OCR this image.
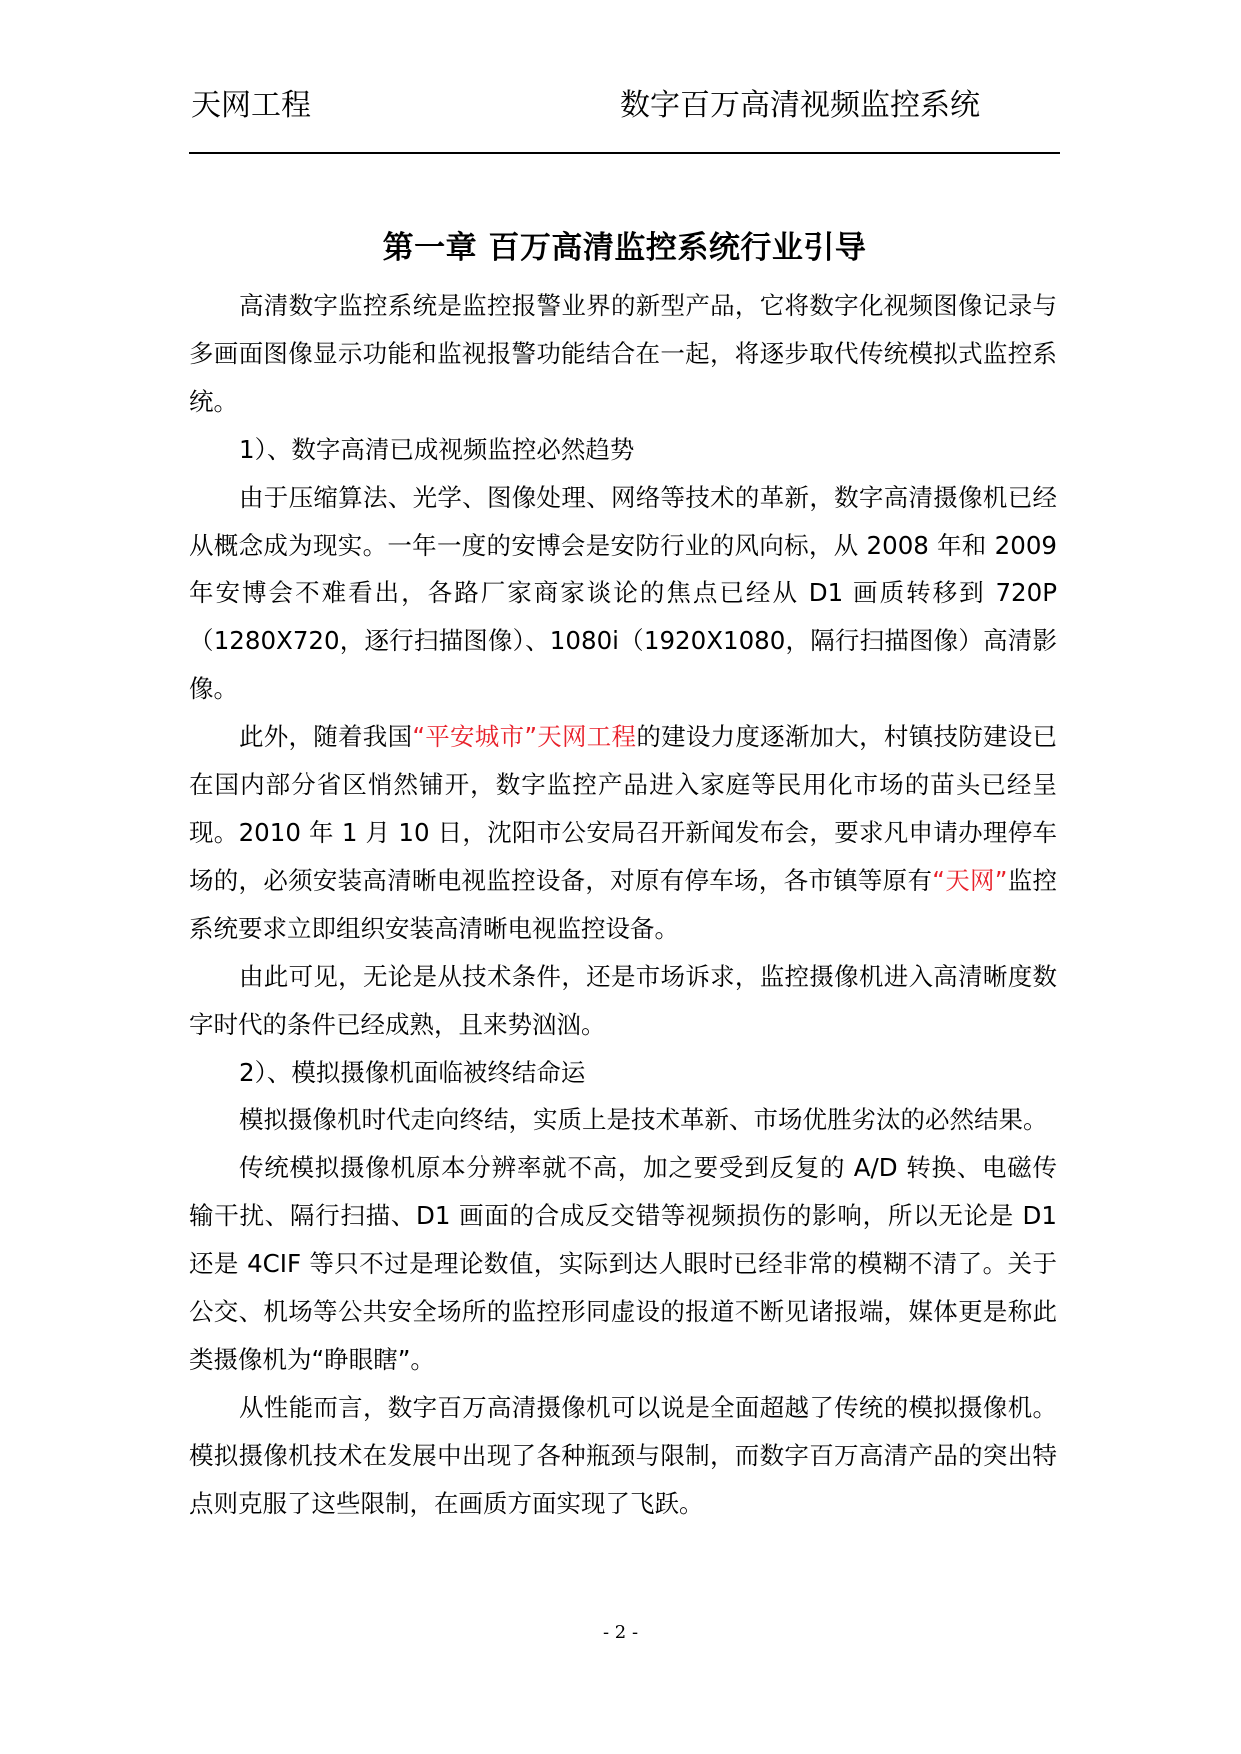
天网工程	数字百万高清视频监控系统
第一章 百万高清监控系统行业引导

高清数字监控系统是监控报警业界的新型产品，它将数字化视频图像记录与多画面图像显示功能和监视报警功能结合在一起，将逐步取代传统模拟式监控系统。

1）、数字高清已成视频监控必然趋势

由于压缩算法、光学、图像处理、网络等技术的革新，数字高清摄像机已经从概念成为现实。一年一度的安博会是安防行业的风向标，从 2008 年和 2009 年安博会不难看出，各路厂家商家谈论的焦点已经从 D1 画质转移到 720P（1280X720，逐行扫描图像）、1080i（1920X1080，隔行扫描图像）高清影像。

此外，随着我国“平安城市”天网工程的建设力度逐渐加大，村镇技防建设已在国内部分省区悄然铺开，数字监控产品进入家庭等民用化市场的苗头已经呈现。2010 年 1 月 10 日，沈阳市公安局召开新闻发布会，要求凡申请办理停车场的，必须安装高清晰电视监控设备，对原有停车场，各市镇等原有“天网”监控系统要求立即组织安装高清晰电视监控设备。

由此可见，无论是从技术条件，还是市场诉求，监控摄像机进入高清晰度数字时代的条件已经成熟，且来势汹汹。

2）、模拟摄像机面临被终结命运

模拟摄像机时代走向终结，实质上是技术革新、市场优胜劣汰的必然结果。

传统模拟摄像机原本分辨率就不高，加之要受到反复的 A/D 转换、电磁传输干扰、隔行扫描、D1 画面的合成反交错等视频损伤的影响，所以无论是 D1 还是 4CIF 等只不过是理论数值，实际到达人眼时已经非常的模糊不清了。关于公交、机场等公共安全场所的监控形同虚设的报道不断见诸报端，媒体更是称此类摄像机为“睁眼瞎”。

从性能而言，数字百万高清摄像机可以说是全面超越了传统的模拟摄像机。模拟摄像机技术在发展中出现了各种瓶颈与限制，而数字百万高清产品的突出特点则克服了这些限制，在画质方面实现了飞跃。

- 2 -
